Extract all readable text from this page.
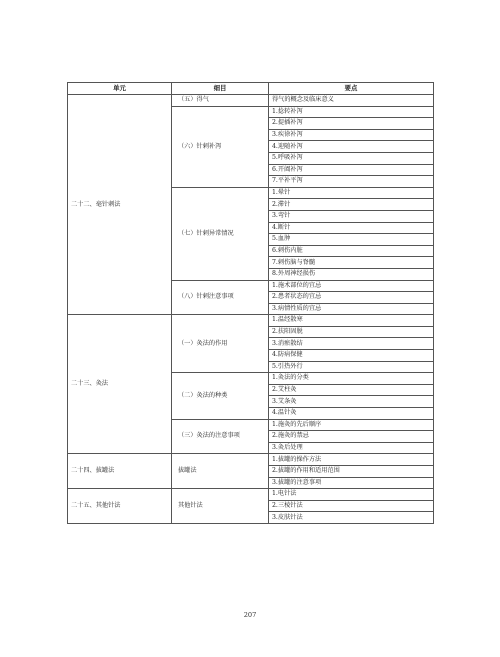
单元	细目	要点
二十二、毫针刺法	（五）得气	得气的概念及临床意义
	（六）针刺补泻	1.捻转补泻
		2.提插补泻
		3.疾徐补泻
		4.迎随补泻
		5.呼吸补泻
		6.开阖补泻
		7.平补平泻
	（七）针刺异常情况	1.晕针
		2.滞针
		3.弯针
		4.断针
		5.血肿
		6.刺伤内脏
		7.刺伤脑与脊髓
		8.外周神经损伤
	（八）针刺注意事项	1.施术部位的宜忌
		2.患者状态的宜忌
		3.病情性质的宜忌
二十三、灸法	（一）灸法的作用	1.温经散寒
		2.扶阳固脱
		3.消瘀散结
		4.防病保健
		5.引热外行
	（二）灸法的种类	1.灸法的分类
		2.艾柱灸
		3.艾条灸
		4.温针灸
	（三）灸法的注意事项	1.施灸的先后顺序
		2.施灸的禁忌
		3.灸后处理
二十四、拔罐法	拔罐法	1.拔罐的操作方法
		2.拔罐的作用和适用范围
		3.拔罐的注意事项
二十五、其他针法	其他针法	1.电针法
		2.三棱针法
		3.皮肤针法
207
